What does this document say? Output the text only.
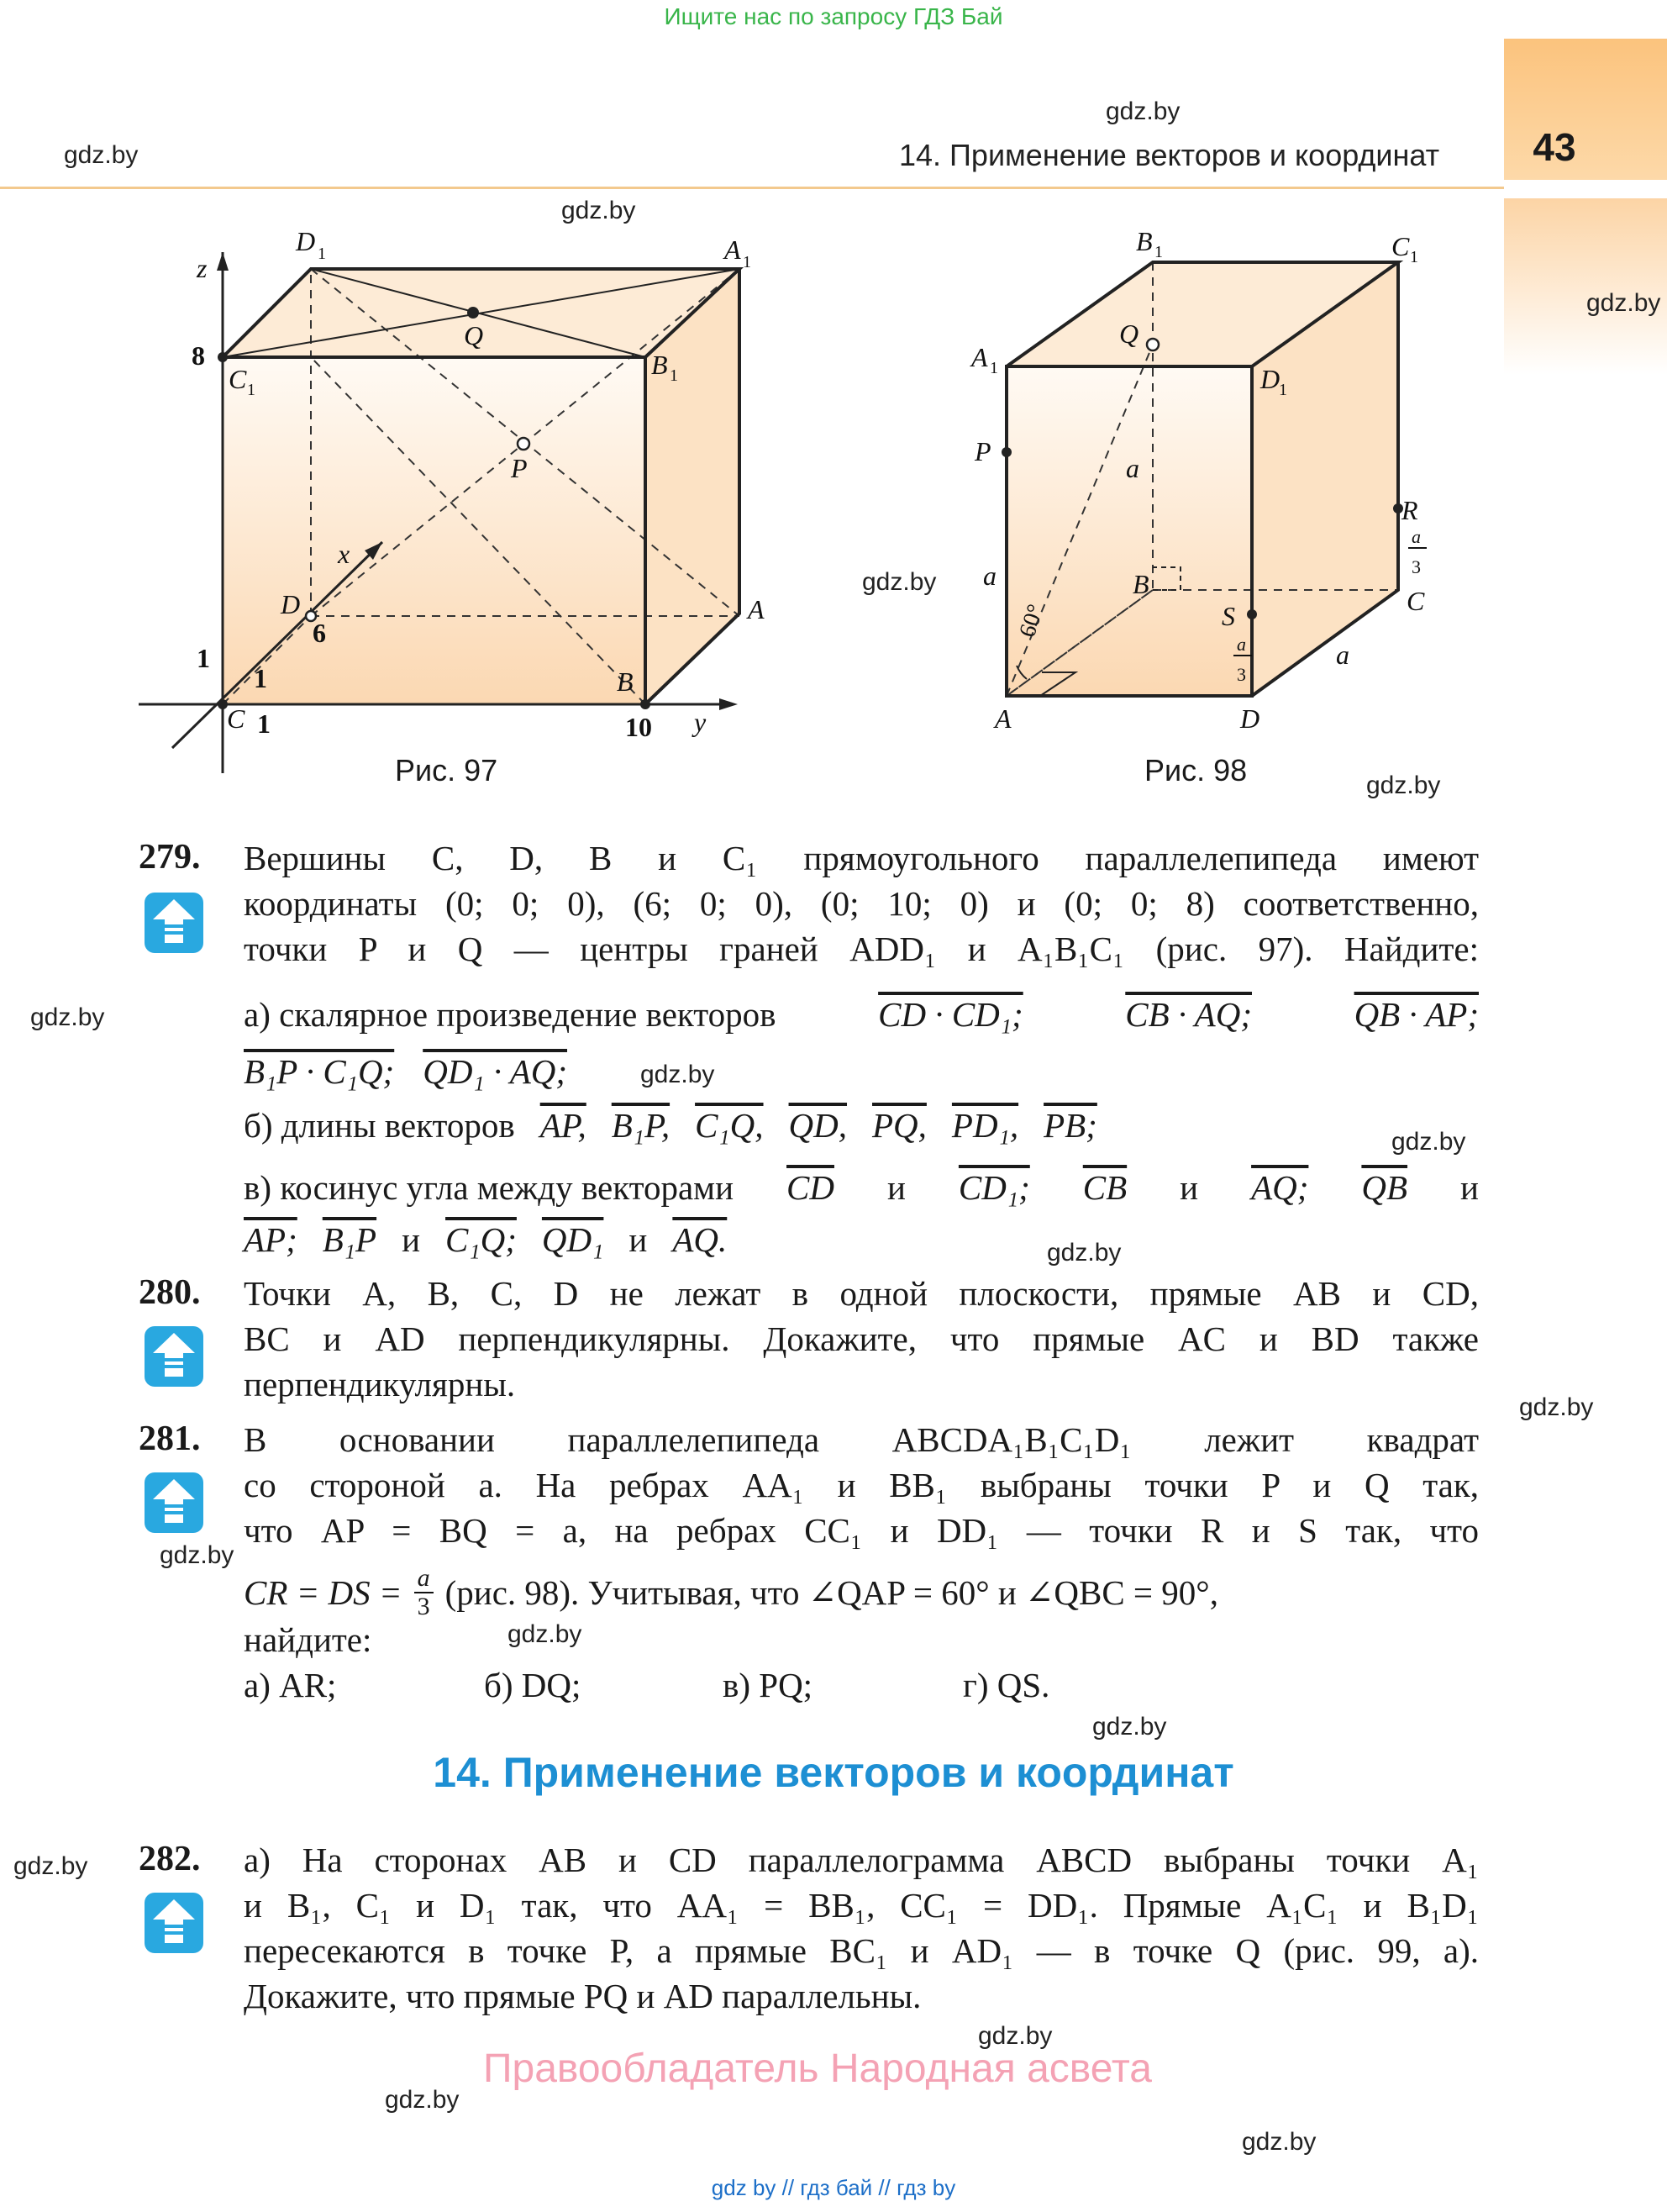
Ищите нас по запросу ГДЗ Бай
43
14. Применение векторов и координат
gdz.by
gdz.by
gdz.by
gdz.by
gdz.by
gdz.by
gdz.by
gdz.by
gdz.by
gdz.by
gdz.by
gdz.by
gdz.by
gdz.by
gdz.by
gdz.by
gdz.by
gdz.by
D 1	A 1
z
Q
8
C 1
B 1
P
x
D
6
A
1
1
C 1
B
10 y
Рис. 97
B 1	C 1
Q
A 1	D
1
P
a
R
a
3
a	B
C
60°	S
a
3
a
A	D
Рис. 98
279. Вершины C, D, B и C₁ прямоугольного параллелепипеда имеют
координаты (0; 0; 0), (6; 0; 0), (0; 10; 0) и (0; 0; 8) соответственно,
точки P и Q — центры граней ADD₁ и A₁B₁C₁ (рис. 97). Найдите:
а) скалярное произведение векторов	CD · CD₁;	CB · AQ;	QB · AP;
B₁P · C₁Q; QD₁ · AQ;
б) длины векторов AP, B₁P, C₁Q, QD, PQ, PD₁, PB;
в) косинус угла между векторами $\overline{CD}$ и CD₁; $\overline{CB}$ и AQ; $\overline{QB}$ и
AP; B₁P и C₁Q; QD₁ и AQ.
280. Точки A, B, C, D не лежат в одной плоскости, прямые AB и CD,
BC и AD перпендикулярны. Докажите, что прямые AC и BD также
перпендикулярны.
281. В основании параллелепипеда ABCDA₁B₁C₁D₁ лежит квадрат
со стороной a. На ребрах AA₁ и BB₁ выбраны точки P и Q так,
что AP = BQ = a, на ребрах CC₁ и DD₁ — точки R и S так, что
CR = DS = $\frac{a}{3} (рис$. 98). Учитывая, что ∠QAP = 60° и ∠QBC = 90°,
найдите:
а) AR;	б) DQ;	в) PQ;	г) QS.
14. Применение векторов и координат
282. а) На сторонах AB и CD параллелограмма ABCD выбраны точки A₁
и B₁, C₁ и D₁ так, что AA₁ = BB₁, CC₁ = DD₁. Прямые A₁C₁ и B₁D₁
пересекаются в точке P, а прямые BC₁ и AD₁ — в точке Q (рис. 99, а).
Докажите, что прямые PQ и AD параллельны.
Правообладатель Народная асвета
gdz by // гдз бай // гдз by
